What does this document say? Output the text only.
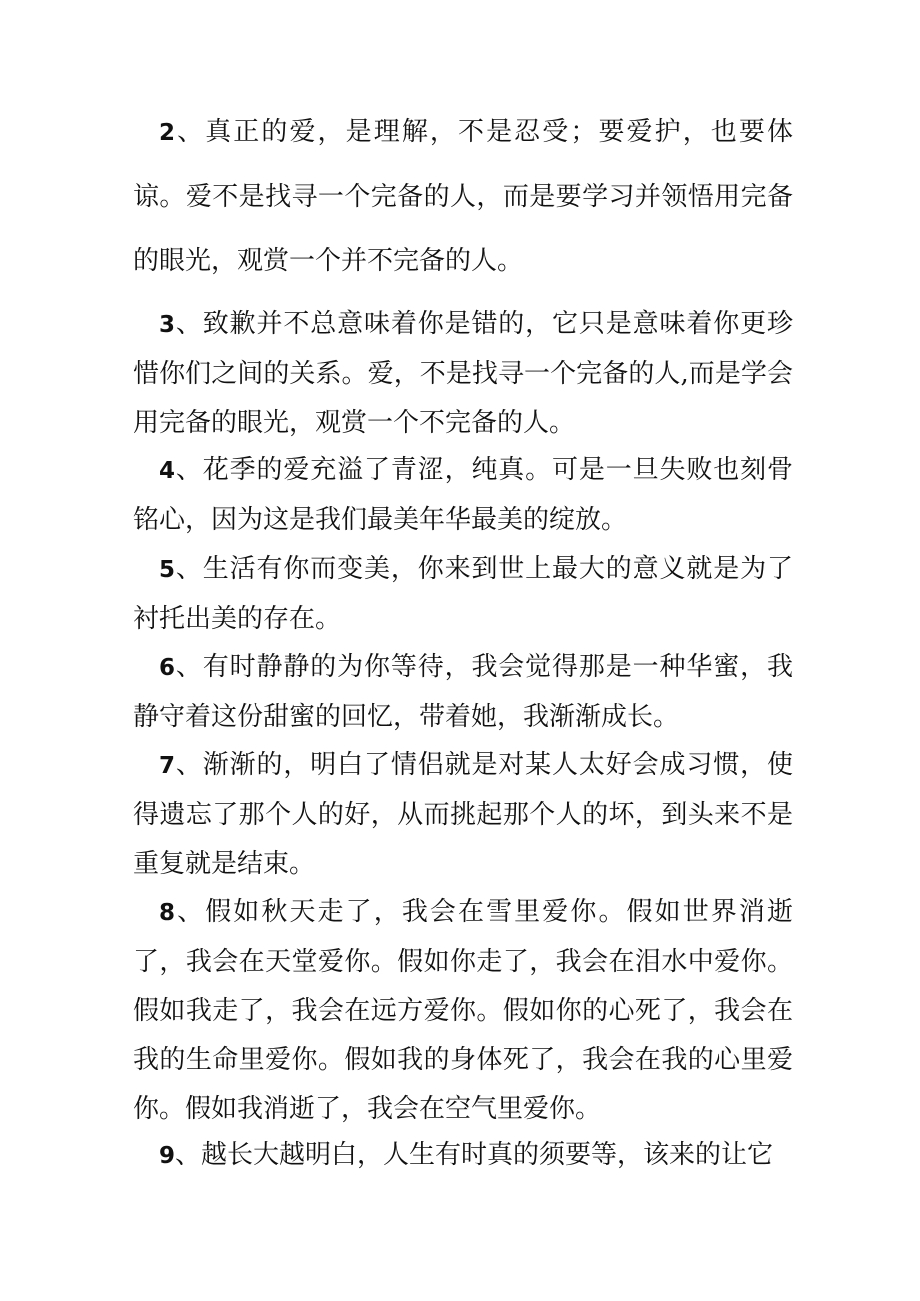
2、真正的爱，是理解，不是忍受；要爱护，也要体谅。爱不是找寻一个完备的人，而是要学习并领悟用完备的眼光，观赏一个并不完备的人。

3、致歉并不总意味着你是错的，它只是意味着你更珍惜你们之间的关系。爱，不是找寻一个完备的人,而是学会用完备的眼光，观赏一个不完备的人。

4、花季的爱充溢了青涩，纯真。可是一旦失败也刻骨铭心，因为这是我们最美年华最美的绽放。

5、生活有你而变美，你来到世上最大的意义就是为了衬托出美的存在。

6、有时静静的为你等待，我会觉得那是一种华蜜，我静守着这份甜蜜的回忆，带着她，我渐渐成长。

7、渐渐的，明白了情侣就是对某人太好会成习惯，使得遗忘了那个人的好，从而挑起那个人的坏，到头来不是重复就是结束。

8、假如秋天走了，我会在雪里爱你。假如世界消逝了，我会在天堂爱你。假如你走了，我会在泪水中爱你。假如我走了，我会在远方爱你。假如你的心死了，我会在我的生命里爱你。假如我的身体死了，我会在我的心里爱你。假如我消逝了，我会在空气里爱你。

9、越长大越明白，人生有时真的须要等，该来的让它
